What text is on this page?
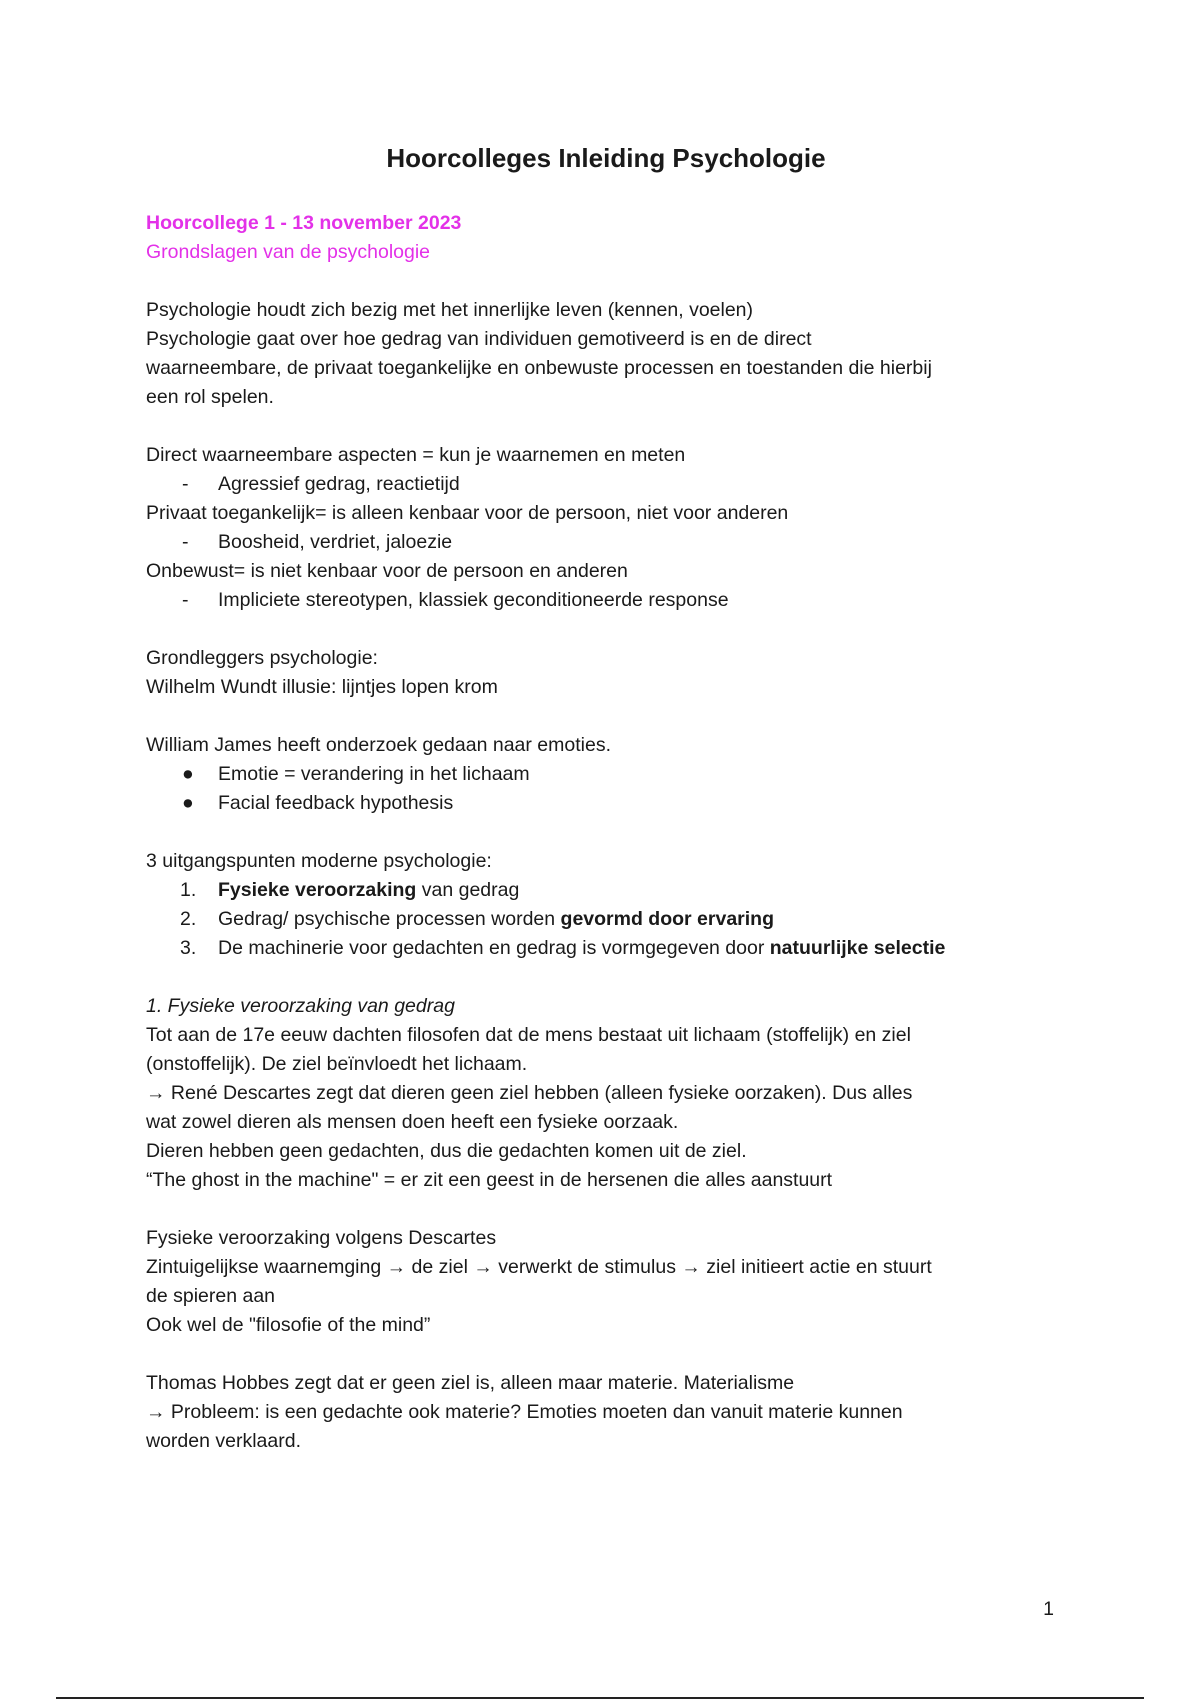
Hoorcolleges Inleiding Psychologie

Hoorcollege 1 - 13 november 2023

Grondslagen van de psychologie

Psychologie houdt zich bezig met het innerlijke leven (kennen, voelen)

Psychologie gaat over hoe gedrag van individuen gemotiveerd is en de direct

waarneembare, de privaat toegankelijke en onbewuste processen en toestanden die hierbij

een rol spelen.

Direct waarneembare aspecten = kun je waarnemen en meten

-	Agressief gedrag, reactietijd

Privaat toegankelijk= is alleen kenbaar voor de persoon, niet voor anderen

-	Boosheid, verdriet, jaloezie

Onbewust= is niet kenbaar voor de persoon en anderen

-	Impliciete stereotypen, klassiek geconditioneerde response

Grondleggers psychologie:

Wilhelm Wundt illusie: lijntjes lopen krom

William James heeft onderzoek gedaan naar emoties.

●	Emotie = verandering in het lichaam
●	Facial feedback hypothesis

3 uitgangspunten moderne psychologie:

1. Fysieke veroorzaking van gedrag
2. Gedrag/ psychische processen worden gevormd door ervaring
3. De machinerie voor gedachten en gedrag is vormgegeven door natuurlijke selectie

1. Fysieke veroorzaking van gedrag

Tot aan de 17e eeuw dachten filosofen dat de mens bestaat uit lichaam (stoffelijk) en ziel

(onstoffelijk). De ziel beïnvloedt het lichaam.

→ René Descartes zegt dat dieren geen ziel hebben (alleen fysieke oorzaken). Dus alles

wat zowel dieren als mensen doen heeft een fysieke oorzaak.

Dieren hebben geen gedachten, dus die gedachten komen uit de ziel.

“The ghost in the machine" = er zit een geest in de hersenen die alles aanstuurt

Fysieke veroorzaking volgens Descartes

Zintuigelijkse waarnemging → de ziel → verwerkt de stimulus → ziel initieert actie en stuurt

de spieren aan

Ook wel de "filosofie of the mind”

Thomas Hobbes zegt dat er geen ziel is, alleen maar materie. Materialisme

→ Probleem: is een gedachte ook materie? Emoties moeten dan vanuit materie kunnen

worden verklaard.

1
